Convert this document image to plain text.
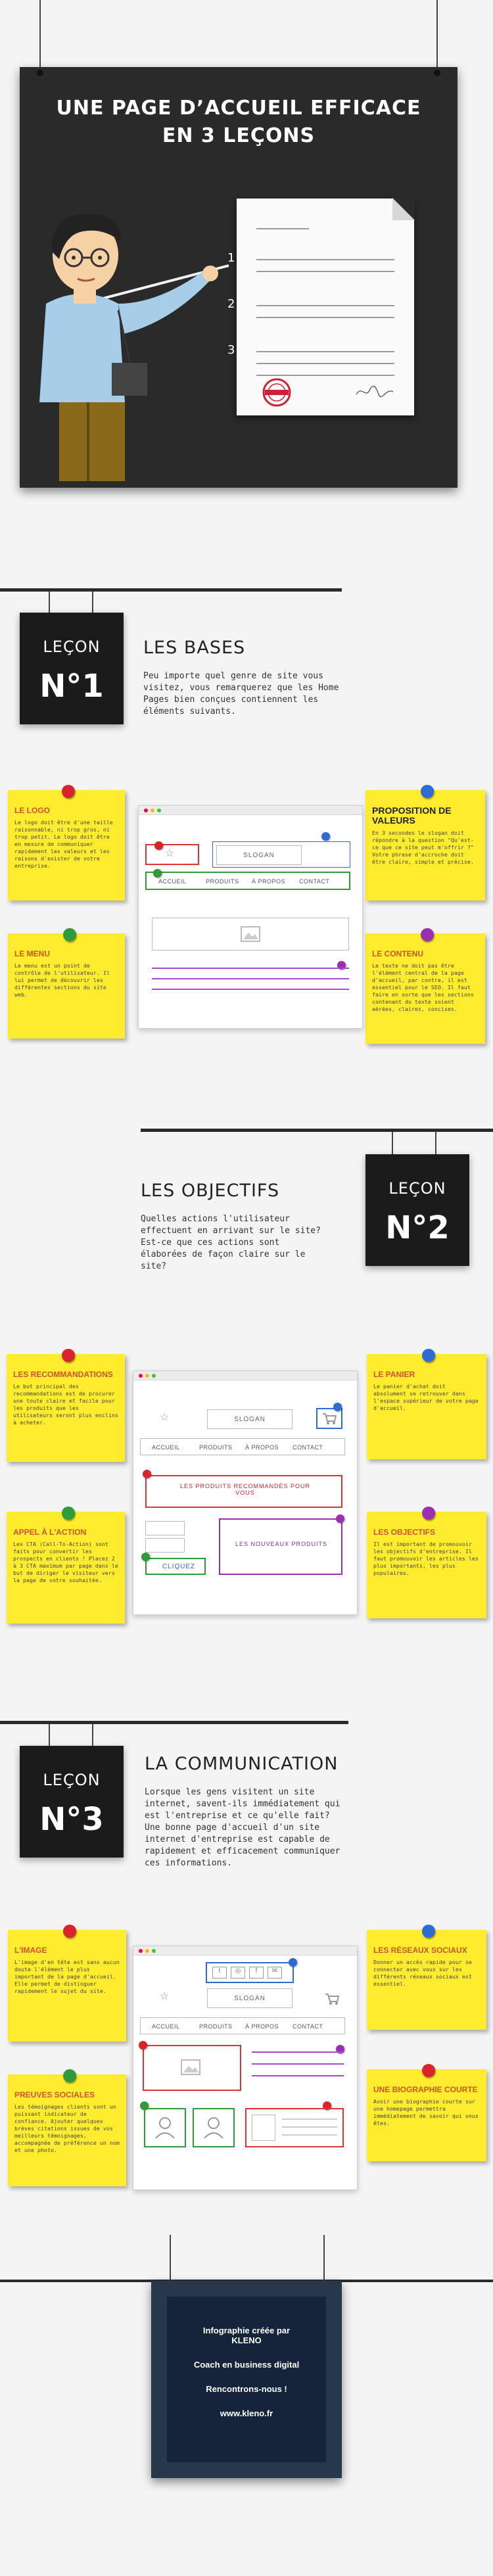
UNE PAGE D’ACCUEIL EFFICACE
EN 3 LEÇONS
1
2
3
LEÇON
N°1
LES BASES
Peu importe quel genre de site vous visitez, vous remarquerez que les Home Pages bien conçues contiennent les éléments suivants.
LE LOGO
Le logo doit être d'une taille raisonnable, ni trop gros, ni trop petit. Le logo doit être en mesure de communiquer rapidement les valeurs et les raisons d'exister de votre entreprise.
LE MENU
Le menu est un point de contrôle de l'utilisateur. Il lui permet de découvrir les différentes sections du site web.
PROPOSITION DE VALEURS
En 3 secondes le slogan doit répondre à la question "Qu'est-ce que ce site peut m'offrir ?" Votre phrase d'accroche doit être claire, simple et précise.
LE CONTENU
Le texte ne doit pas être l'élément central de la page d'accueil, par contre, il est essentiel pour le SEO. Il faut faire en sorte que les sections contenant du texte soient aérées, claires, concises.
☆	SLOGAN
ACCUEIL	PRODUITS À PROPOS CONTACT
LEÇON
N°2
LES OBJECTIFS
Quelles actions l'utilisateur effectuent en arrivant sur le site? Est-ce que ces actions sont élaborées de façon claire sur le site?
LES RECOMMANDATIONS
Le but principal des recommandations est de procurer une toute claire et facile pour les produits que les utilisateurs seront plus enclins à acheter.
APPEL À L'ACTION
Les CTA (Call-To-Action) sont faits pour convertir les prospects en clients ! Placez 2 à 3 CTA maximum par page dans le but de diriger le visiteur vers la page de votre souhaitée.
LE PANIER
Le panier d'achat doit absolument se retrouver dans l'espace supérieur de votre page d'accueil.
LES OBJECTIFS
Il est important de promouvoir les objectifs d'entreprise. Il faut promouvoir les articles les plus importants, les plus populaires.
☆	SLOGAN
ACCUEIL	PRODUITS À PROPOS CONTACT
LES PRODUITS RECOMMANDÉS POUR VOUS
CLIQUEZ
LES NOUVEAUX PRODUITS
LEÇON
N°3
LA COMMUNICATION
Lorsque les gens visitent un site internet, savent-ils immédiatement qui est l'entreprise et ce qu'elle fait? Une bonne page d'accueil d'un site internet d'entreprise est capable de rapidement et efficacement communiquer ces informations.
L'IMAGE
L'image d'en tête est sans aucun doute l'élément le plus important de la page d'accueil. Elle permet de distinguer rapidement le sujet du site.
PREUVES SOCIALES
Les témoignages clients sont un puissant indicateur de confiance. Ajouter quelques brèves citations issues de vos meilleurs témoignages, accompagnée de préférence un nom et une photo.
LES RÉSEAUX SOCIAUX
Donner un accès rapide pour se connecter avec vous sur les différents réseaux sociaux est essentiel.
UNE BIOGRAPHIE COURTE
Avoir une biographie courte sur une homepage permettra immédiatement de savoir qui vous êtes.
t	◎	f	✉
☆	SLOGAN
ACCUEIL	PRODUITS À PROPOS CONTACT
Infographie créée par
KLENO
Coach en business digital
Rencontrons-nous !
www.kleno.fr
